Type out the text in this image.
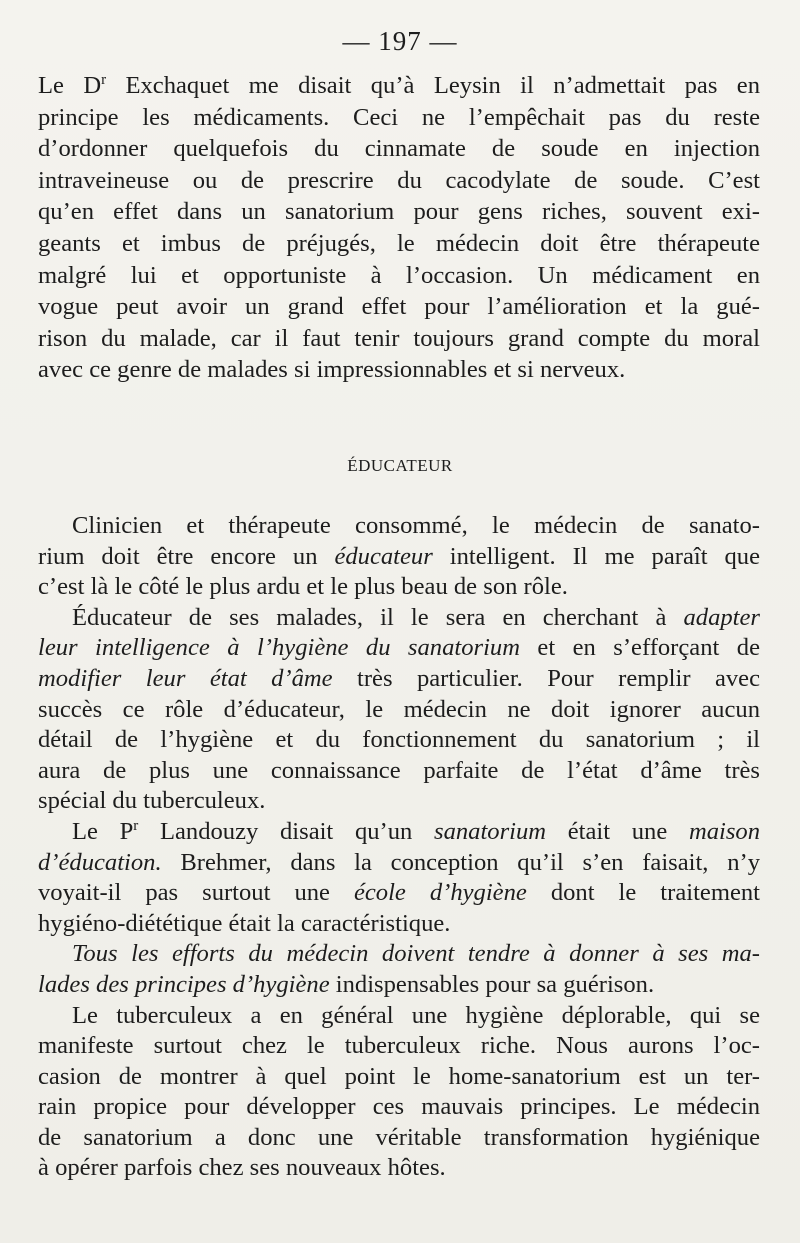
— 197 —
Le $D^r$ Exchaquet me disait qu’à Leysin il n’admettait pas en
principe les médicaments. Ceci ne l’empêchait pas du reste
d’ordonner quelquefois du cinnamate de soude en injection
intraveineuse ou de prescrire du cacodylate de soude. C’est
qu’en effet dans un sanatorium pour gens riches, souvent exi-
geants et imbus de préjugés, le médecin doit être thérapeute
malgré lui et opportuniste à l’occasion. Un médicament en
vogue peut avoir un grand effet pour l’amélioration et la gué-
rison du malade, car il faut tenir toujours grand compte du moral
avec ce genre de malades si impressionnables et si nerveux.
ÉDUCATEUR
Clinicien et thérapeute consommé, le médecin de sanato-
rium doit être encore un éducateur intelligent. Il me paraît que
c’est là le côté le plus ardu et le plus beau de son rôle.
Éducateur de ses malades, il le sera en cherchant à adapter
leur intelligence à l’hygiène du sanatorium et en s’efforçant de
modifier leur état d’âme très particulier. Pour remplir avec
succès ce rôle d’éducateur, le médecin ne doit ignorer aucun
détail de l’hygiène et du fonctionnement du sanatorium ; il
aura de plus une connaissance parfaite de l’état d’âme très
spécial du tuberculeux.
Le $P^r$ Landouzy disait qu’un sanatorium était une maison
d’éducation. Brehmer, dans la conception qu’il s’en faisait, n’y
voyait-il pas surtout une école d’hygiène dont le traitement
hygiéno-diététique était la caractéristique.
Tous les efforts du médecin doivent tendre à donner à ses ma-
lades des principes d’hygiène indispensables pour sa guérison.
Le tuberculeux a en général une hygiène déplorable, qui se
manifeste surtout chez le tuberculeux riche. Nous aurons l’oc-
casion de montrer à quel point le home-sanatorium est un ter-
rain propice pour développer ces mauvais principes. Le médecin
de sanatorium a donc une véritable transformation hygiénique
à opérer parfois chez ses nouveaux hôtes.
